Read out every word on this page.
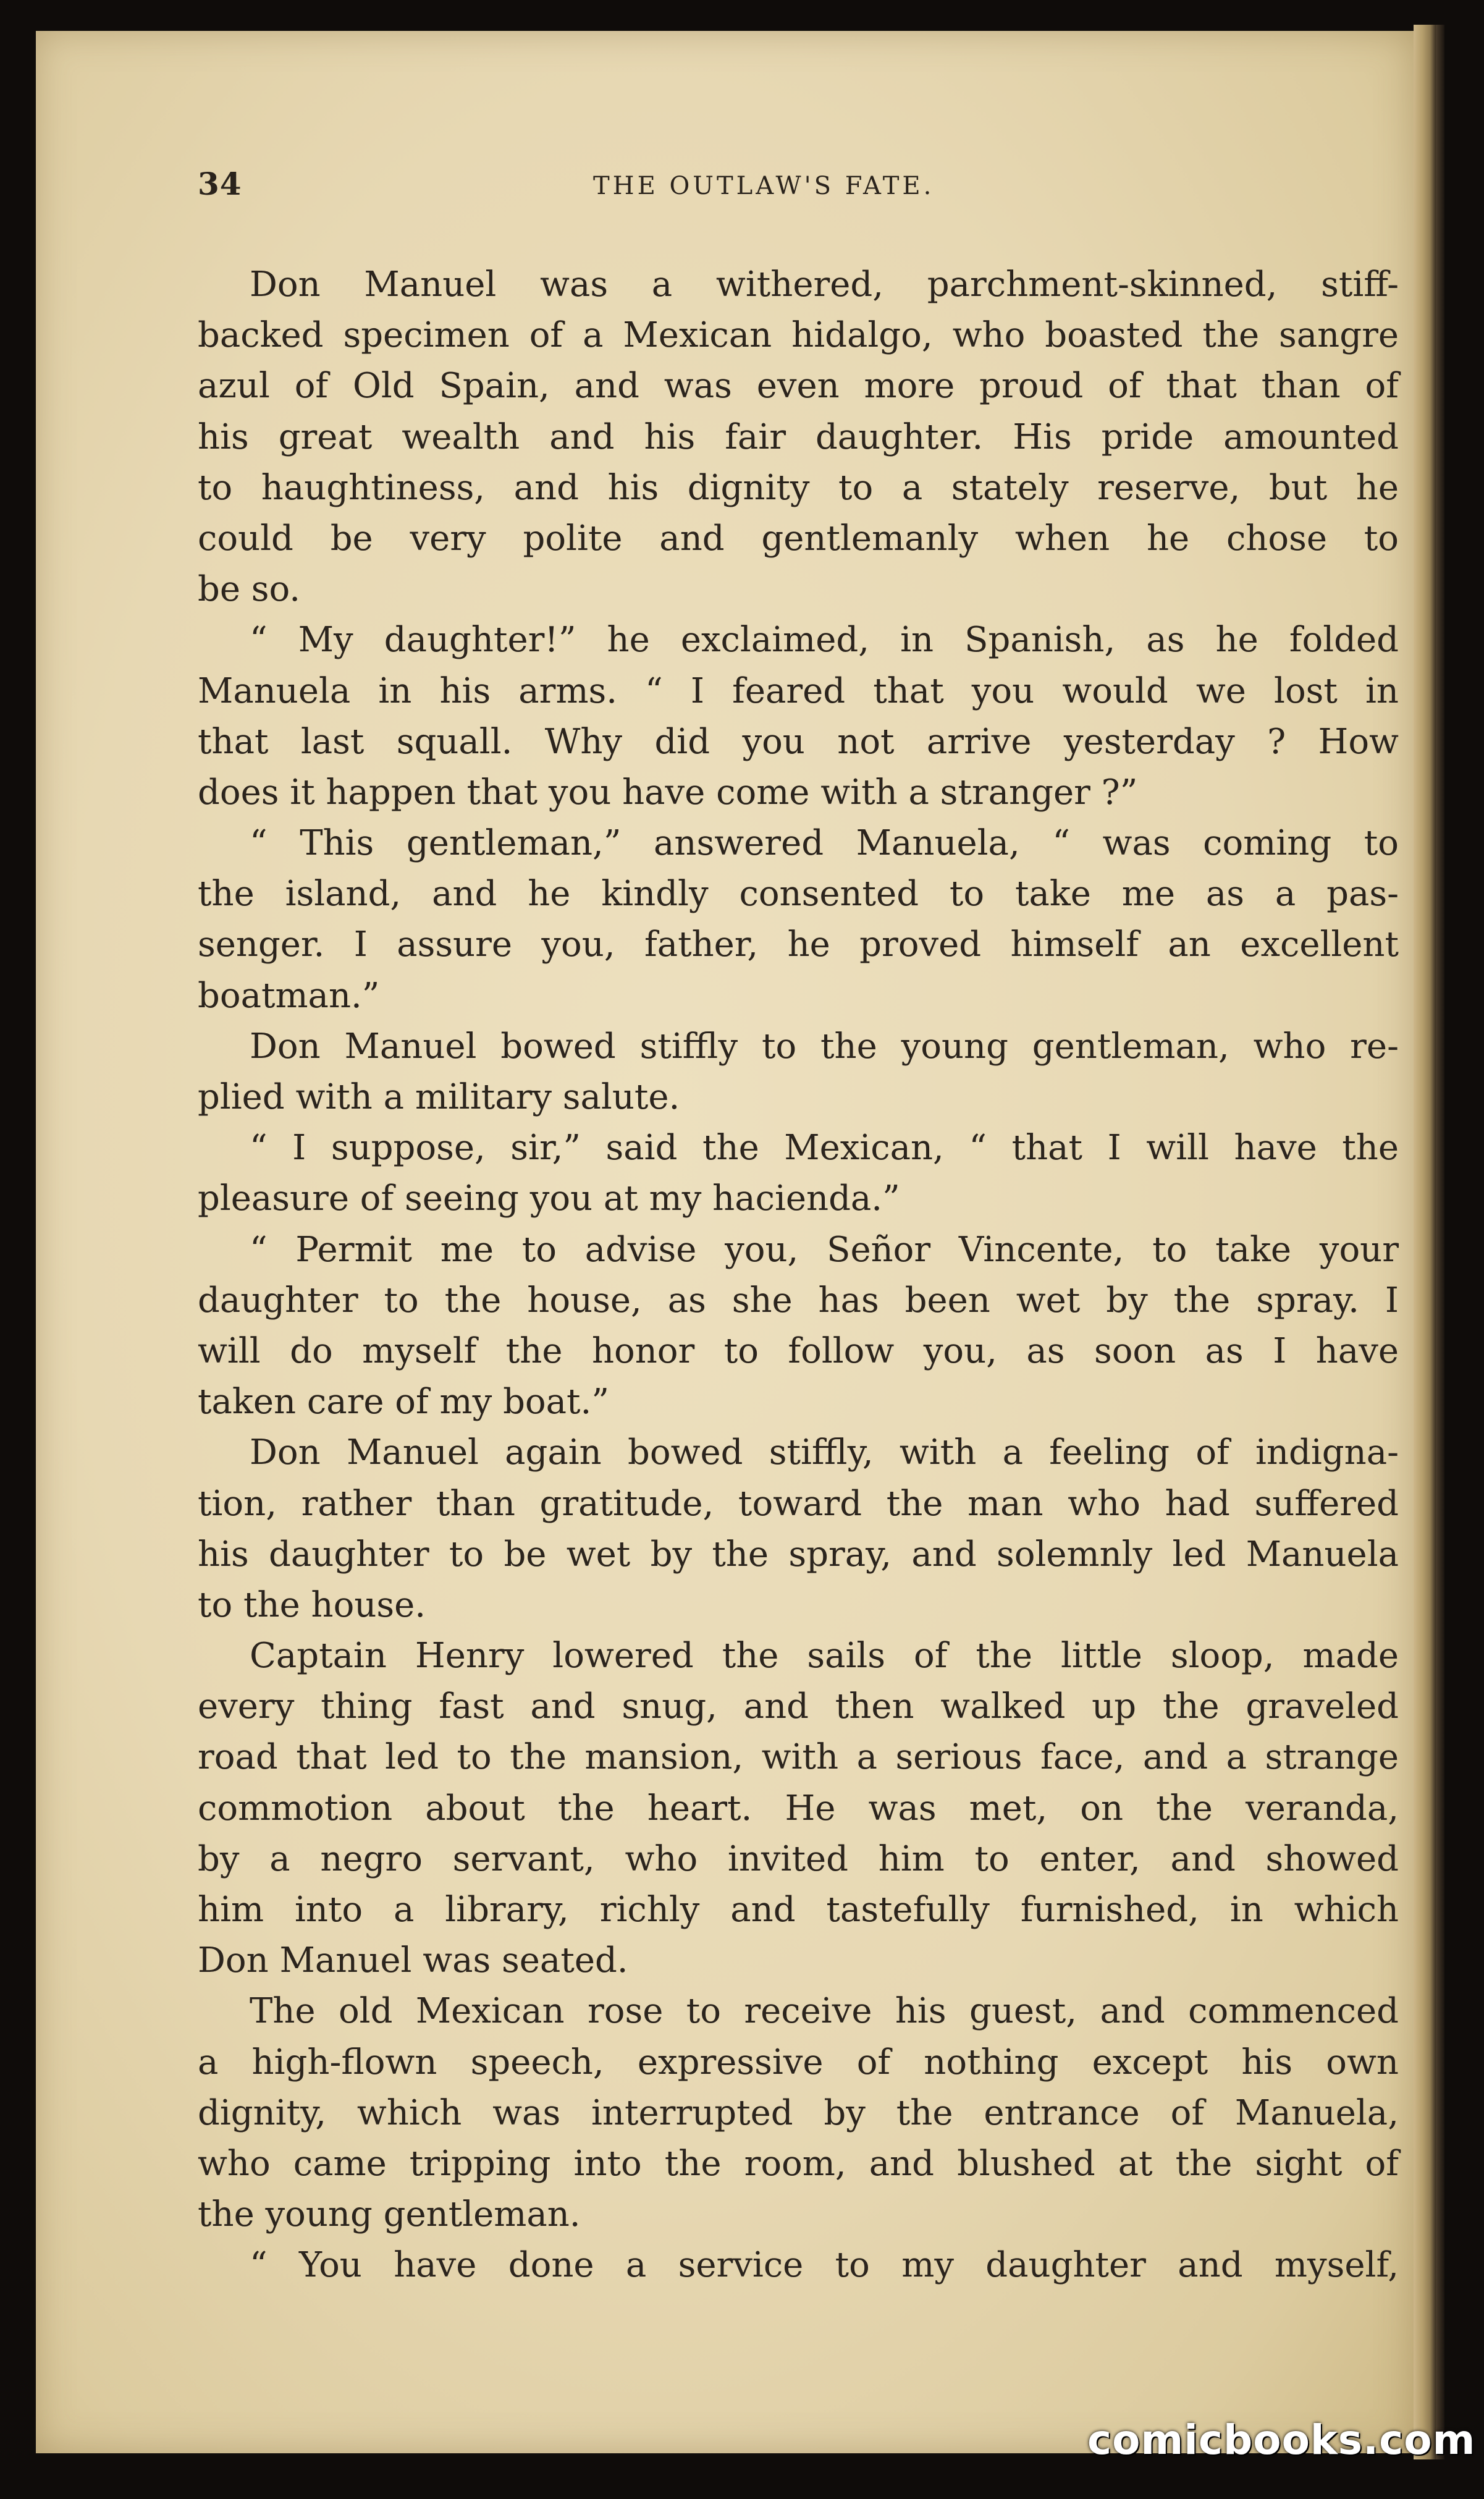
34	THE OUTLAW'S FATE.
Don Manuel was a withered, parchment-skinned, stiff-
backed specimen of a Mexican hidalgo, who boasted the sangre
azul of Old Spain, and was even more proud of that than of
his great wealth and his fair daughter. His pride amounted
to haughtiness, and his dignity to a stately reserve, but he
could be very polite and gentlemanly when he chose to
be so.
“ My daughter!” he exclaimed, in Spanish, as he folded
Manuela in his arms. “ I feared that you would we lost in
that last squall. Why did you not arrive yesterday ? How
does it happen that you have come with a stranger ?”
“ This gentleman,” answered Manuela, “ was coming to
the island, and he kindly consented to take me as a pas-
senger. I assure you, father, he proved himself an excellent
boatman.”
Don Manuel bowed stiffly to the young gentleman, who re-
plied with a military salute.
“ I suppose, sir,” said the Mexican, “ that I will have the
pleasure of seeing you at my hacienda.”
“ Permit me to advise you, Señor Vincente, to take your
daughter to the house, as she has been wet by the spray. I
will do myself the honor to follow you, as soon as I have
taken care of my boat.”
Don Manuel again bowed stiffly, with a feeling of indigna-
tion, rather than gratitude, toward the man who had suffered
his daughter to be wet by the spray, and solemnly led Manuela
to the house.
Captain Henry lowered the sails of the little sloop, made
every thing fast and snug, and then walked up the graveled
road that led to the mansion, with a serious face, and a strange
commotion about the heart. He was met, on the veranda,
by a negro servant, who invited him to enter, and showed
him into a library, richly and tastefully furnished, in which
Don Manuel was seated.
The old Mexican rose to receive his guest, and commenced
a high-flown speech, expressive of nothing except his own
dignity, which was interrupted by the entrance of Manuela,
who came tripping into the room, and blushed at the sight of
the young gentleman.
“ You have done a service to my daughter and myself,
comicbooks.com
